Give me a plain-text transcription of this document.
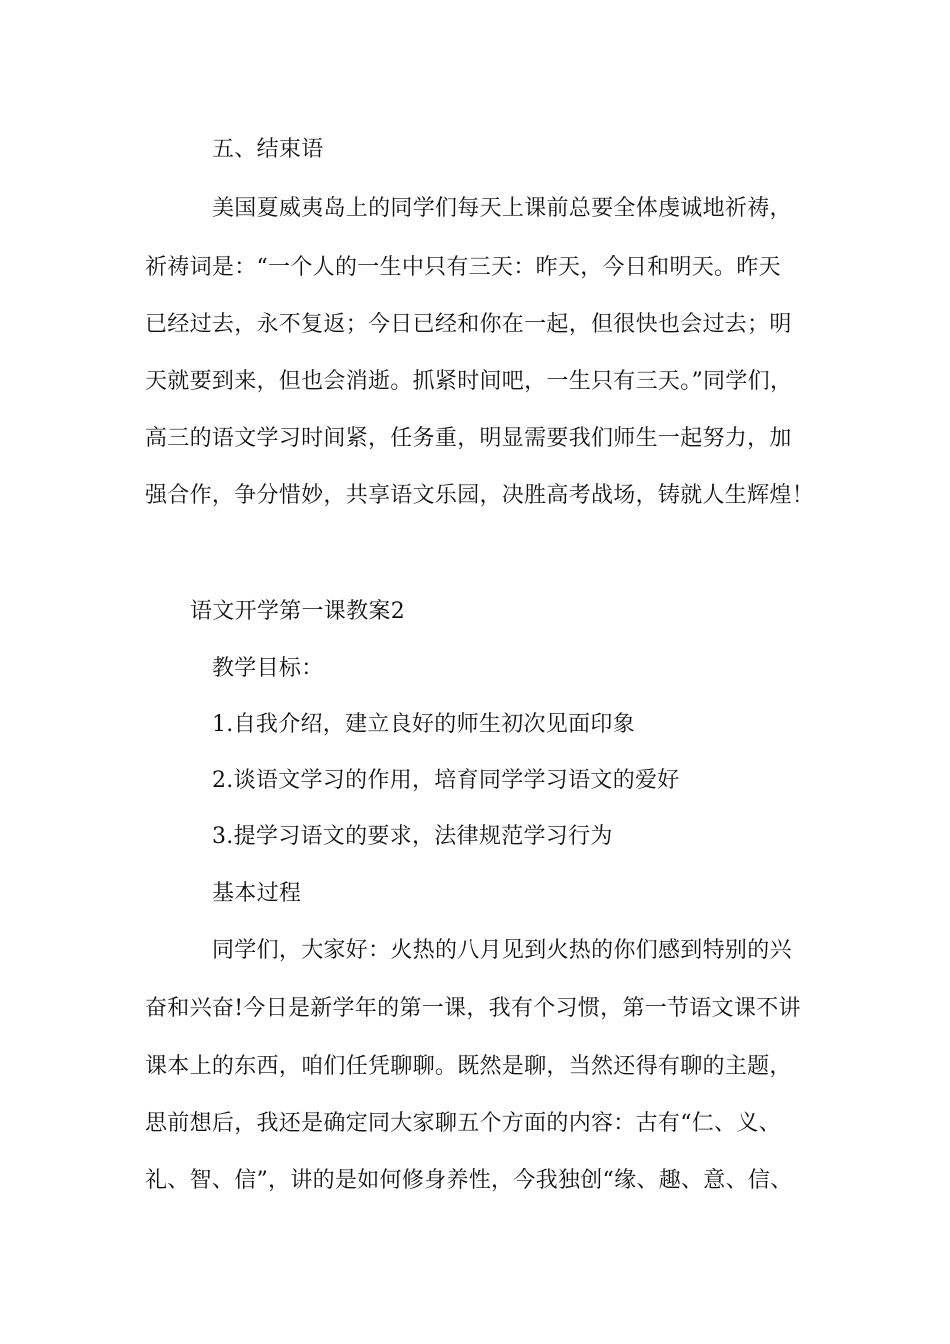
五、结束语
美国夏威夷岛上的同学们每天上课前总要全体虔诚地祈祷，
祈祷词是：“一个人的一生中只有三天：昨天，今日和明天。昨天
已经过去，永不复返；今日已经和你在一起，但很快也会过去；明
天就要到来，但也会消逝。抓紧时间吧，一生只有三天。”同学们，
高三的语文学习时间紧，任务重，明显需要我们师生一起努力，加
强合作，争分惜妙，共享语文乐园，决胜高考战场，铸就人生辉煌！
语文开学第一课教案2
教学目标：
1.自我介绍，建立良好的师生初次见面印象
2.谈语文学习的作用，培育同学学习语文的爱好
3.提学习语文的要求，法律规范学习行为
基本过程
同学们，大家好：火热的八月见到火热的你们感到特别的兴
奋和兴奋!今日是新学年的第一课，我有个习惯，第一节语文课不讲
课本上的东西，咱们任凭聊聊。既然是聊，当然还得有聊的主题，
思前想后，我还是确定同大家聊五个方面的内容：古有“仁、义、
礼、智、信”，讲的是如何修身养性，今我独创“缘、趣、意、信、
